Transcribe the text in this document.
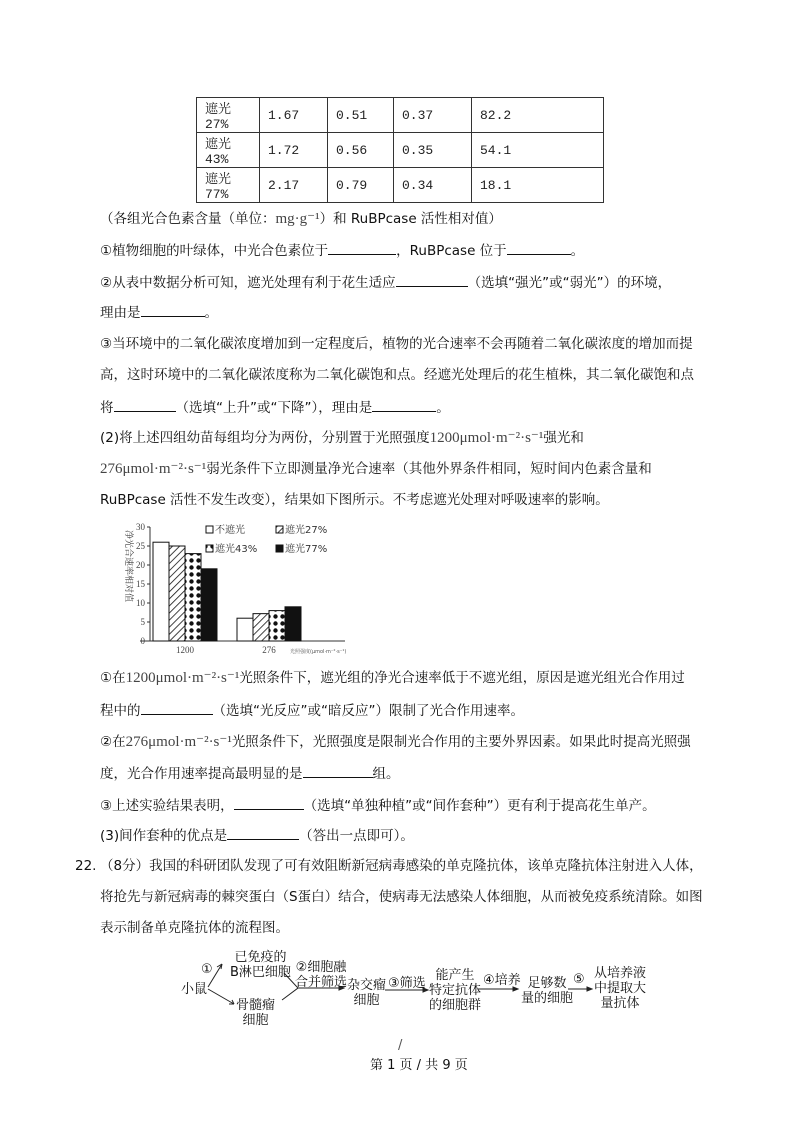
遮光 27%	1.67	0.51	0.37	82.2
遮光 43%	1.72	0.56	0.35	54.1
遮光 77%	2.17	0.79	0.34	18.1
（各组光合色素含量（单位：mg·g⁻¹）和 RuBPcase 活性相对值）
①植物细胞的叶绿体，中光合色素位于	，RuBPcase 位于	。
②从表中数据分析可知，遮光处理有利于花生适应	（选填“强光”或“弱光”）的环境，
理由是	。
③当环境中的二氧化碳浓度增加到一定程度后，植物的光合速率不会再随着二氧化碳浓度的增加而提
高，这时环境中的二氧化碳浓度称为二氧化碳饱和点。经遮光处理后的花生植株，其二氧化碳饱和点
将	（选填“上升”或“下降”），理由是	。
(2)将上述四组幼苗每组均分为两份，分别置于光照强度1200μmol·m⁻²·s⁻¹强光和
276μmol·m⁻²·s⁻¹弱光条件下立即测量净光合速率（其他外界条件相同，短时间内色素含量和
RuBPcase 活性不发生改变），结果如下图所示。不考虑遮光处理对呼吸速率的影响。
0
5
10
15
20
25
30
净光合速率相对值
1200	276	光照强度(μmol·m⁻²·s⁻¹)
不遮光	遮光27%
遮光43%	遮光77%
①在1200μmol·m⁻²·s⁻¹光照条件下，遮光组的净光合速率低于不遮光组，原因是遮光组光合作用过
程中的	（选填“光反应”或“暗反应”）限制了光合作用速率。
②在276μmol·m⁻²·s⁻¹光照条件下，光照强度是限制光合作用的主要外界因素。如果此时提高光照强
度，光合作用速率提高最明显的是	组。
③上述实验结果表明，	（选填“单独种植”或“间作套种”）更有利于提高花生单产。
(3)间作套种的优点是	（答出一点即可）。
22. （8分）我国的科研团队发现了可有效阻断新冠病毒感染的单克隆抗体，该单克隆抗体注射进入人体，
将抢先与新冠病毒的棘突蛋白（S蛋白）结合，使病毒无法感染人体细胞，从而被免疫系统清除。如图
表示制备单克隆抗体的流程图。
小鼠
①
已免疫的
B淋巴细胞
骨髓瘤
细胞
②细胞融
合并筛选 杂交瘤
细胞
③筛选
能产生
特定抗体
的细胞群
④培养 足够数
量的细胞
⑤ 从培养液
中提取大
量抗体
/
第 1 页 / 共 9 页
